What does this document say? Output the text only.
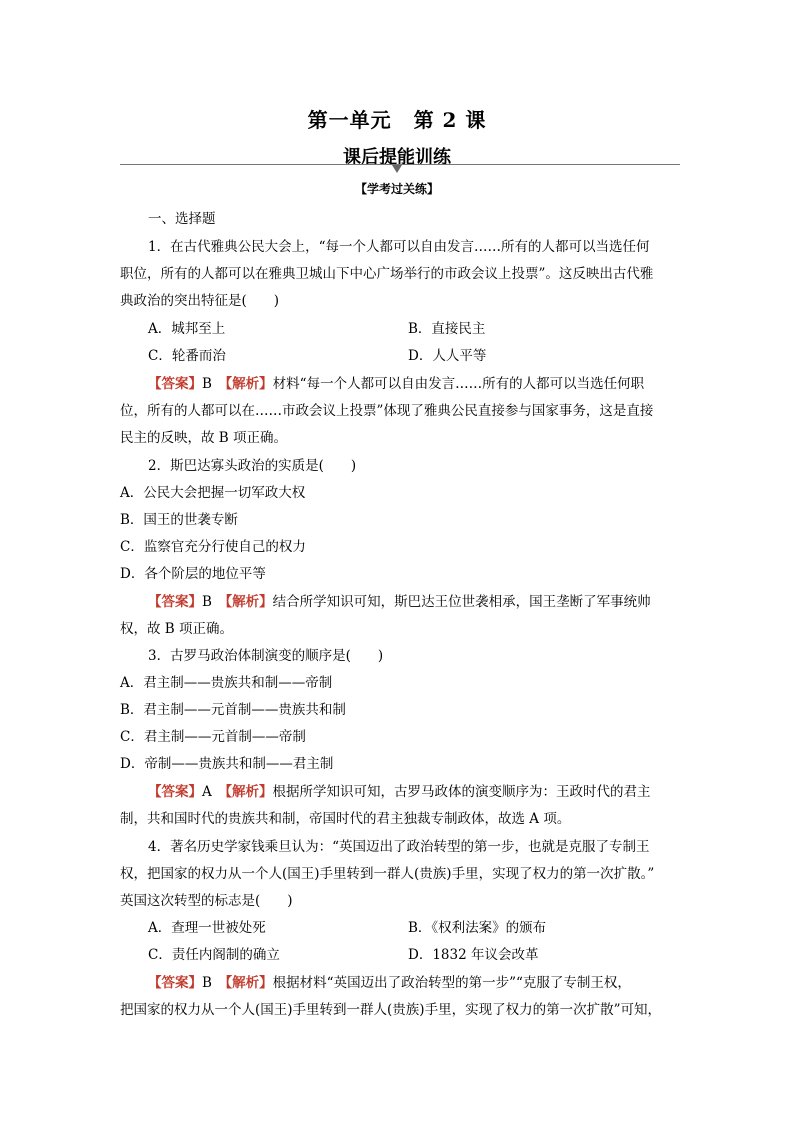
第一单元 第 2 课
课后提能训练
【学考过关练】
一、选择题
1．在古代雅典公民大会上，“每一个人都可以自由发言……所有的人都可以当选任何
职位，所有的人都可以在雅典卫城山下中心广场举行的市政会议上投票”。这反映出古代雅
典政治的突出特征是(　　)
A．城邦至上	B．直接民主
C．轮番而治	D．人人平等
【答案】B　 【解析】材料“每一个人都可以自由发言……所有的人都可以当选任何职
位，所有的人都可以在……市政会议上投票”体现了雅典公民直接参与国家事务，这是直接
民主的反映，故 B 项正确。
2．斯巴达寡头政治的实质是(　　)
A．公民大会把握一切军政大权
B．国王的世袭专断
C．监察官充分行使自己的权力
D．各个阶层的地位平等
【答案】B　 【解析】结合所学知识可知，斯巴达王位世袭相承，国王垄断了军事统帅
权，故 B 项正确。
3．古罗马政治体制演变的顺序是(　　)
A．君主制——贵族共和制——帝制
B．君主制——元首制——贵族共和制
C．君主制——元首制——帝制
D．帝制——贵族共和制——君主制
【答案】A　 【解析】根据所学知识可知，古罗马政体的演变顺序为：王政时代的君主
制，共和国时代的贵族共和制，帝国时代的君主独裁专制政体，故选 A 项。
4．著名历史学家钱乘旦认为：“英国迈出了政治转型的第一步，也就是克服了专制王
权，把国家的权力从一个人(国王)手里转到一群人(贵族)手里，实现了权力的第一次扩散。”
英国这次转型的标志是(　　)
A．查理一世被处死	B．《权利法案》的颁布
C．责任内阁制的确立	D．1832 年议会改革
【答案】B　 【解析】根据材料“英国迈出了政治转型的第一步”“克服了专制王权，
把国家的权力从一个人(国王)手里转到一群人(贵族)手里，实现了权力的第一次扩散”可知，
